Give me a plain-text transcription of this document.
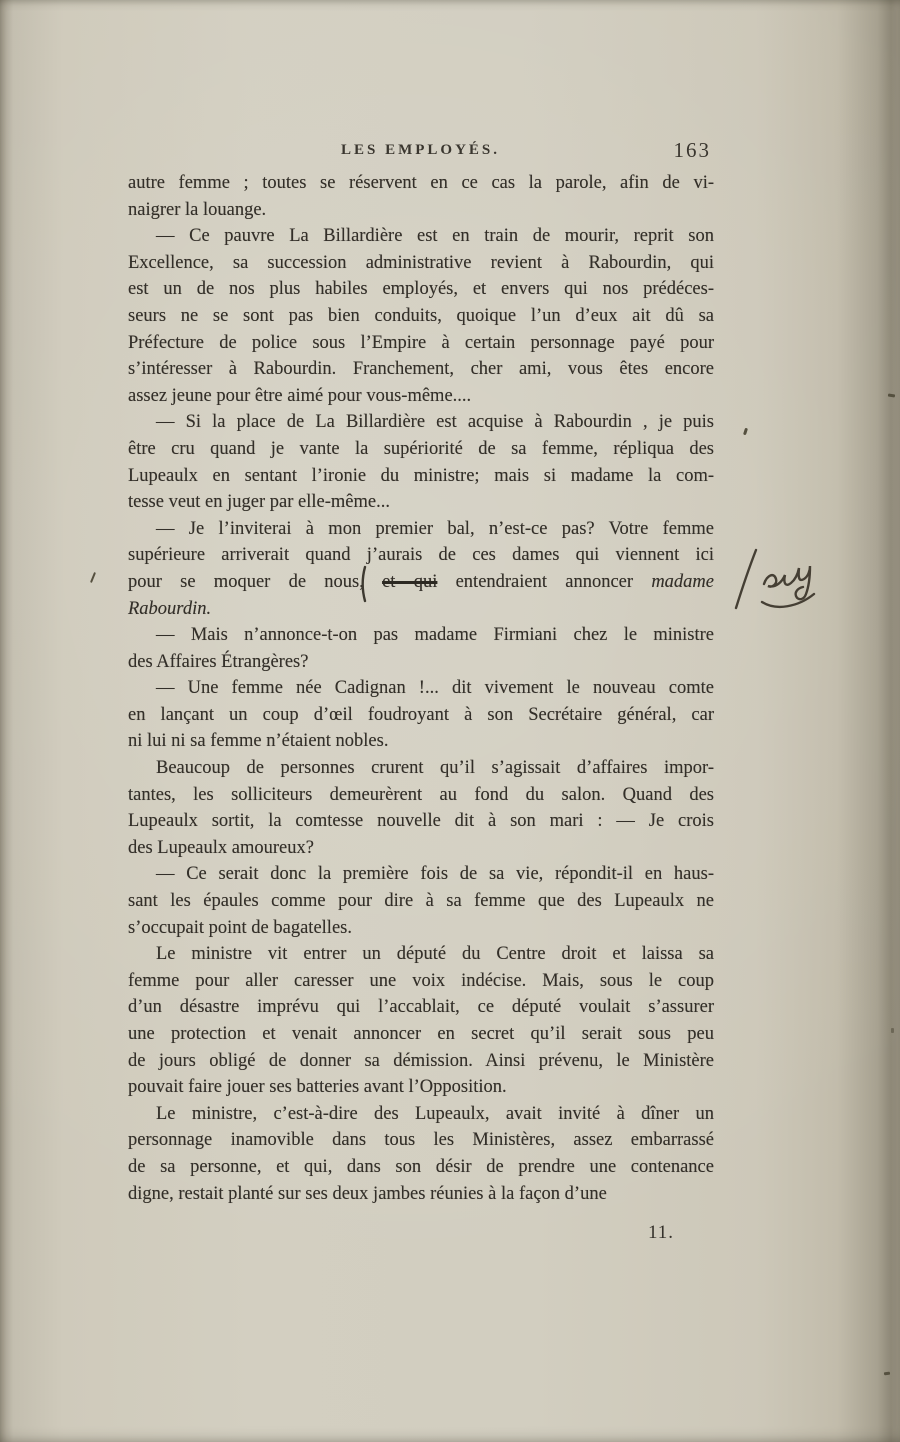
LES EMPLOYÉS.	163
autre femme ; toutes se réservent en ce cas la parole, afin de vi-
naigrer la louange.
— Ce pauvre La Billardière est en train de mourir, reprit son
Excellence, sa succession administrative revient à Rabourdin, qui
est un de nos plus habiles employés, et envers qui nos prédéces-
seurs ne se sont pas bien conduits, quoique l’un d’eux ait dû sa
Préfecture de police sous l’Empire à certain personnage payé pour
s’intéresser à Rabourdin. Franchement, cher ami, vous êtes encore
assez jeune pour être aimé pour vous-même....
— Si la place de La Billardière est acquise à Rabourdin , je puis
être cru quand je vante la supériorité de sa femme, répliqua des
Lupeaulx en sentant l’ironie du ministre; mais si madame la com-
tesse veut en juger par elle-même...
— Je l’inviterai à mon premier bal, n’est-ce pas? Votre femme
supérieure arriverait quand j’aurais de ces dames qui viennent ici
pour se moquer de nous, et qui entendraient annoncer madame
Rabourdin.
— Mais n’annonce-t-on pas madame Firmiani chez le ministre
des Affaires Étrangères?
— Une femme née Cadignan !... dit vivement le nouveau comte
en lançant un coup d’œil foudroyant à son Secrétaire général, car
ni lui ni sa femme n’étaient nobles.
Beaucoup de personnes crurent qu’il s’agissait d’affaires impor-
tantes, les solliciteurs demeurèrent au fond du salon. Quand des
Lupeaulx sortit, la comtesse nouvelle dit à son mari : — Je crois
des Lupeaulx amoureux?
— Ce serait donc la première fois de sa vie, répondit-il en haus-
sant les épaules comme pour dire à sa femme que des Lupeaulx ne
s’occupait point de bagatelles.
Le ministre vit entrer un député du Centre droit et laissa sa
femme pour aller caresser une voix indécise. Mais, sous le coup
d’un désastre imprévu qui l’accablait, ce député voulait s’assurer
une protection et venait annoncer en secret qu’il serait sous peu
de jours obligé de donner sa démission. Ainsi prévenu, le Ministère
pouvait faire jouer ses batteries avant l’Opposition.
Le ministre, c’est-à-dire des Lupeaulx, avait invité à dîner un
personnage inamovible dans tous les Ministères, assez embarrassé
de sa personne, et qui, dans son désir de prendre une contenance
digne, restait planté sur ses deux jambes réunies à la façon d’une
11.
